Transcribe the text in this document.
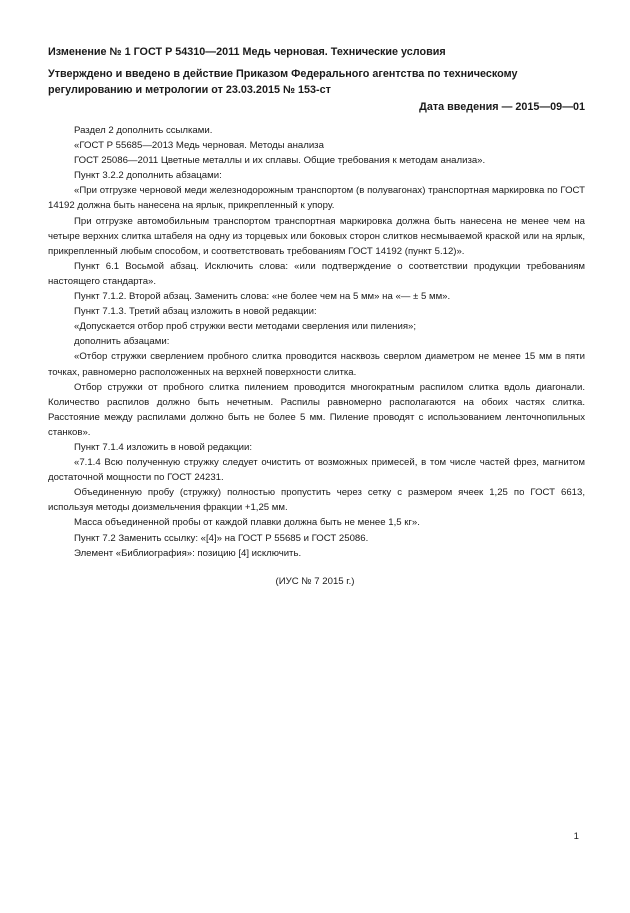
Изменение № 1 ГОСТ Р 54310—2011 Медь черновая. Технические условия
Утверждено и введено в действие Приказом Федерального агентства по техническому регулированию и метрологии от 23.03.2015 № 153-ст
Дата введения — 2015—09—01

Раздел 2 дополнить ссылками.

«ГОСТ Р 55685—2013 Медь черновая. Методы анализа

ГОСТ 25086—2011 Цветные металлы и их сплавы. Общие требования к методам анализа».

Пункт 3.2.2 дополнить абзацами:

«При отгрузке черновой меди железнодорожным транспортом (в полувагонах) транспортная маркировка по ГОСТ 14192 должна быть нанесена на ярлык, прикрепленный к упору.

При отгрузке автомобильным транспортом транспортная маркировка должна быть нанесена не менее чем на четыре верхних слитка штабеля на одну из торцевых или боковых сторон слитков несмываемой краской или на ярлык, прикрепленный любым способом, и соответствовать требованиям ГОСТ 14192 (пункт 5.12)».

Пункт 6.1 Восьмой абзац. Исключить слова: «или подтверждение о соответствии продукции требованиям настоящего стандарта».

Пункт 7.1.2. Второй абзац. Заменить слова: «не более чем на 5 мм» на «— ± 5 мм».

Пункт 7.1.3. Третий абзац изложить в новой редакции:

«Допускается отбор проб стружки вести методами сверления или пиления»;

дополнить абзацами:

«Отбор стружки сверлением пробного слитка проводится насквозь сверлом диаметром не менее 15 мм в пяти точках, равномерно расположенных на верхней поверхности слитка.

Отбор стружки от пробного слитка пилением проводится многократным распилом слитка вдоль диагонали. Количество распилов должно быть нечетным. Распилы равномерно располагаются на обоих частях слитка. Расстояние между распилами должно быть не более 5 мм. Пиление проводят с использованием ленточнопильных станков».

Пункт 7.1.4 изложить в новой редакции:

«7.1.4 Всю полученную стружку следует очистить от возможных примесей, в том числе частей фрез, магнитом достаточной мощности по ГОСТ 24231.

Объединенную пробу (стружку) полностью пропустить через сетку с размером ячеек 1,25 по ГОСТ 6613, используя методы доизмельчения фракции +1,25 мм.

Масса объединенной пробы от каждой плавки должна быть не менее 1,5 кг».

Пункт 7.2 Заменить ссылку: «[4]» на ГОСТ Р 55685 и ГОСТ 25086.

Элемент «Библиография»: позицию [4] исключить.

(ИУС № 7 2015 г.)
1
